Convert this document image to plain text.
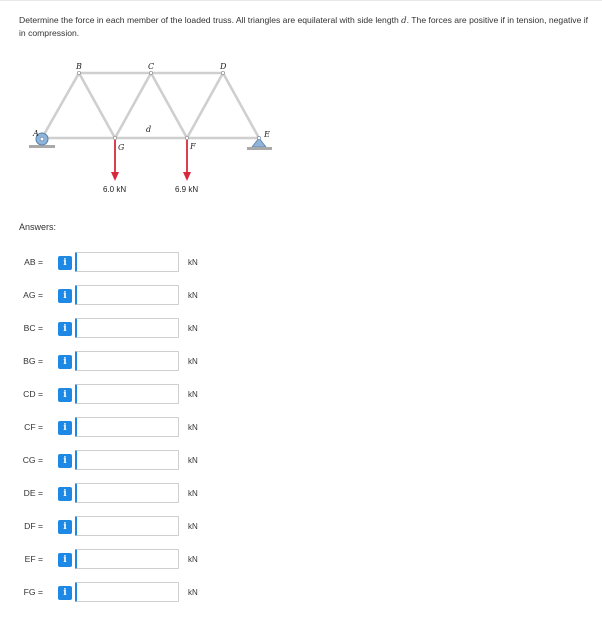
Determine the force in each member of the loaded truss. All triangles are equilateral with side length d. The forces are positive if in tension, negative if in compression.
A
B	C	D
E
F
G
d
6.0 kN	6.9 kN
Answers:
AB =	i	kN
AG =	i	kN
BC =	i	kN
BG =	i	kN
CD =	i	kN
CF =	i	kN
CG =	i	kN
DE =	i	kN
DF =	i	kN
EF =	i	kN
FG =	i	kN
